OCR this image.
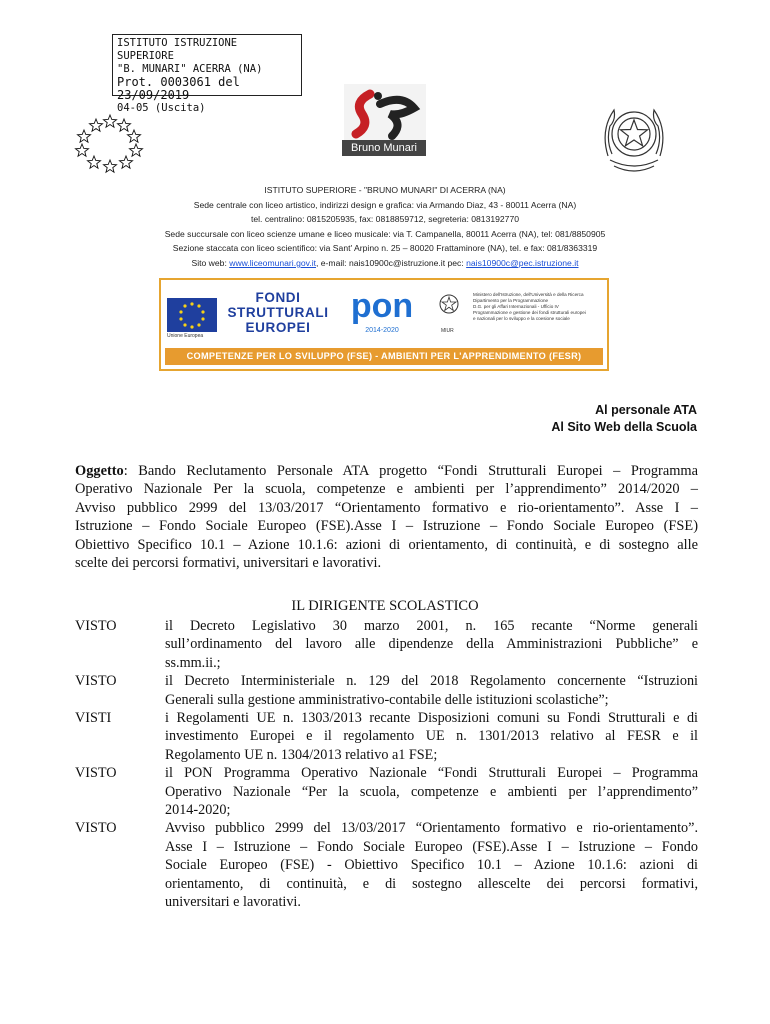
ISTITUTO ISTRUZIONE SUPERIORE
"B. MUNARI" ACERRA (NA)
Prot. 0003061 del 23/09/2019
04-05 (Uscita)
Bruno Munari
ISTITUTO SUPERIORE - "BRUNO MUNARI" DI ACERRA (NA)
Sede centrale con liceo artistico, indirizzi design e grafica: via Armando Diaz, 43 - 80011 Acerra (NA)
tel. centralino: 0815205935, fax: 0818859712, segreteria: 0813192770
Sede succursale con liceo scienze umane e liceo musicale: via T. Campanella, 80011 Acerra (NA), tel: 081/8850905
Sezione staccata con liceo scientifico: via Sant' Arpino n. 25 – 80020 Frattaminore (NA), tel. e fax: 081/8363319
Sito web: www.liceomunari.gov.it, e-mail: nais10900c@istruzione.it pec: nais10900c@pec.istruzione.it
Unione Europea
FONDI
STRUTTURALI
EUROPEI
pon
2014-2020	MIUR
Ministero dell'Istruzione, dell'Università e della Ricerca
Dipartimento per la Programmazione
D.G. per gli Affari Internazionali - Ufficio IV
Programmazione e gestione dei fondi strutturali europei
e nazionali per lo sviluppo e la coesione sociale
COMPETENZE PER LO SVILUPPO (FSE) - AMBIENTI PER L'APPRENDIMENTO (FESR)
Al personale ATA
Al Sito Web della Scuola

Oggetto: Bando Reclutamento Personale ATA progetto “Fondi Strutturali Europei – Programma

Operativo Nazionale Per la scuola, competenze e ambienti per l’apprendimento” 2014/2020 –

Avviso pubblico 2999 del 13/03/2017 “Orientamento formativo e rio-orientamento”. Asse I –

Istruzione – Fondo Sociale Europeo (FSE).Asse I – Istruzione – Fondo Sociale Europeo (FSE)

Obiettivo Specifico 10.1 – Azione 10.1.6: azioni di orientamento, di continuità, e di sostegno alle

scelte dei percorsi formativi, universitari e lavorativi.

IL DIRIGENTE SCOLASTICO
VISTO	il Decreto Legislativo 30 marzo 2001, n. 165 recante “Norme generali
sull’ordinamento del lavoro alle dipendenze della Amministrazioni Pubbliche” e
ss.mm.ii.;
VISTO	il Decreto Interministeriale n. 129 del 2018 Regolamento concernente “Istruzioni
Generali sulla gestione amministrativo-contabile delle istituzioni scolastiche”;
VISTI	i Regolamenti UE n. 1303/2013 recante Disposizioni comuni su Fondi Strutturali e di
investimento Europei e il regolamento UE n. 1301/2013 relativo al FESR e il
Regolamento UE n. 1304/2013 relativo a1 FSE;
VISTO	il PON Programma Operativo Nazionale “Fondi Strutturali Europei – Programma
Operativo Nazionale “Per la scuola, competenze e ambienti per l’apprendimento”
2014-2020;
VISTO	Avviso pubblico 2999 del 13/03/2017 “Orientamento formativo e rio-orientamento”.
Asse I – Istruzione – Fondo Sociale Europeo (FSE).Asse I – Istruzione – Fondo
Sociale Europeo (FSE) - Obiettivo Specifico 10.1 – Azione 10.1.6: azioni di
orientamento, di continuità, e di sostegno allescelte dei percorsi formativi,
universitari e lavorativi.
